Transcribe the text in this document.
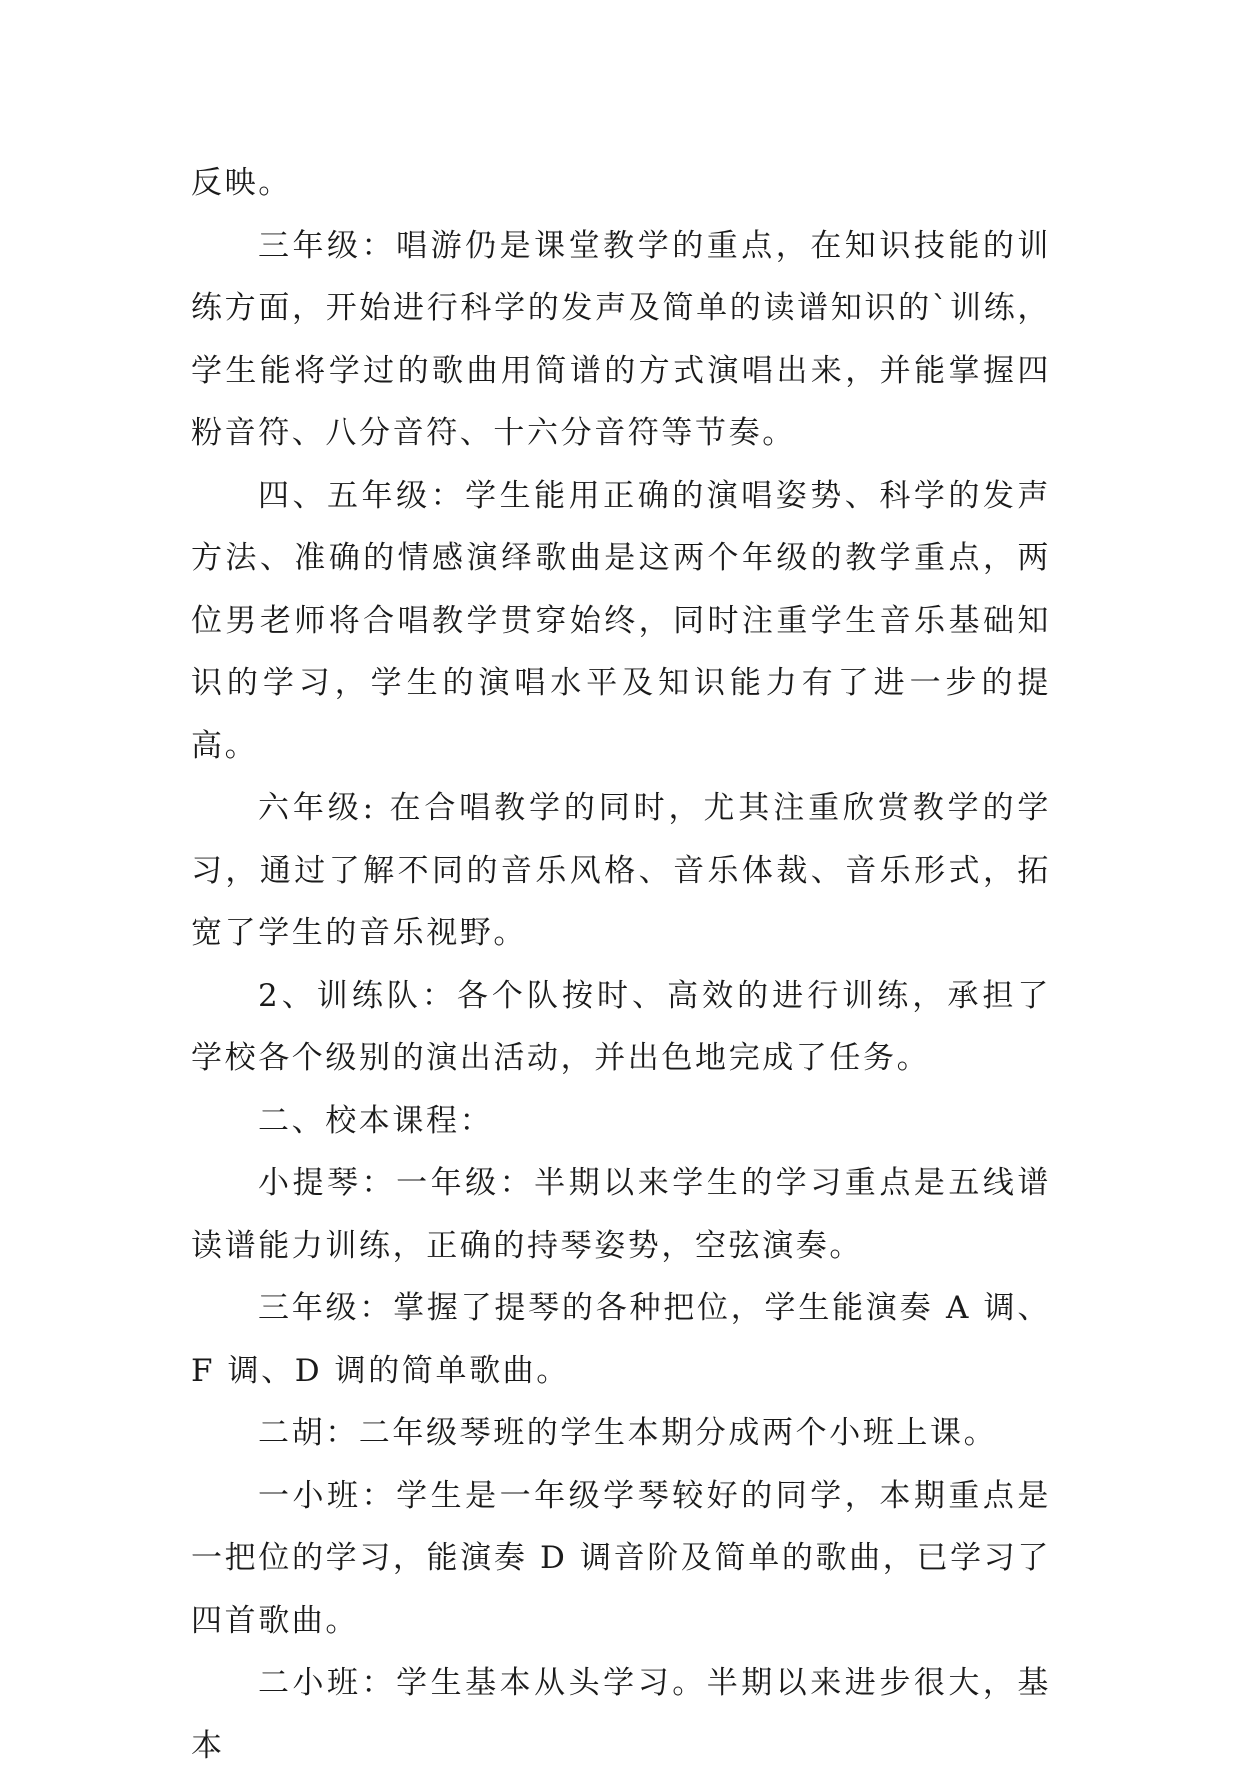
反映。

三年级：唱游仍是课堂教学的重点，在知识技能的训练方面，开始进行科学的发声及简单的读谱知识的`训练，学生能将学过的歌曲用简谱的方式演唱出来，并能掌握四粉音符、八分音符、十六分音符等节奏。

四、五年级：学生能用正确的演唱姿势、科学的发声方法、准确的情感演绎歌曲是这两个年级的教学重点，两位男老师将合唱教学贯穿始终，同时注重学生音乐基础知识的学习，学生的演唱水平及知识能力有了进一步的提高。

六年级: 在合唱教学的同时，尤其注重欣赏教学的学习，通过了解不同的音乐风格、音乐体裁、音乐形式，拓宽了学生的音乐视野。

2、训练队：各个队按时、高效的进行训练，承担了学校各个级别的演出活动，并出色地完成了任务。

二、校本课程：

小提琴：一年级：半期以来学生的学习重点是五线谱读谱能力训练，正确的持琴姿势，空弦演奏。

三年级：掌握了提琴的各种把位，学生能演奏 A 调、F 调、D 调的简单歌曲。

二胡：二年级琴班的学生本期分成两个小班上课。

一小班：学生是一年级学琴较好的同学，本期重点是一把位的学习，能演奏 D 调音阶及简单的歌曲，已学习了四首歌曲。

二小班：学生基本从头学习。半期以来进步很大，基本
